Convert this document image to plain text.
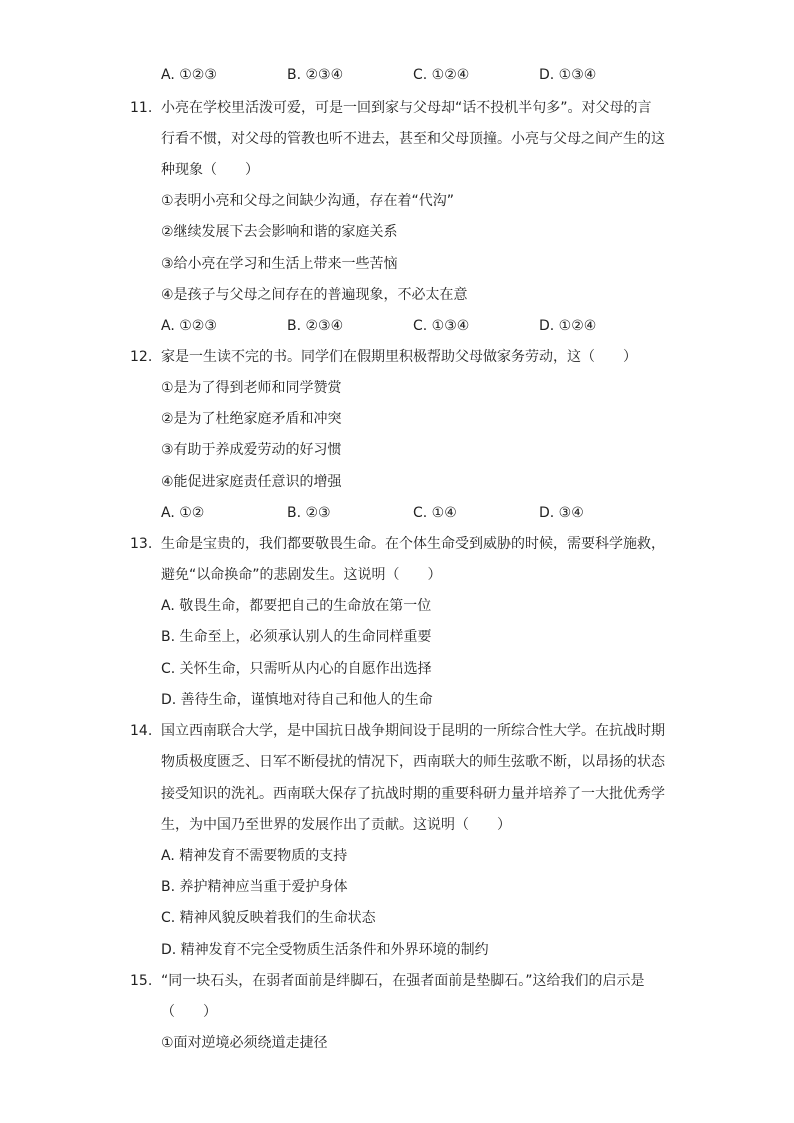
A. ①②③	B. ②③④	C. ①②④	D. ①③④
11. 小亮在学校里活泼可爱，可是一回到家与父母却“话不投机半句多”。对父母的言
行看不惯，对父母的管教也听不进去，甚至和父母顶撞。小亮与父母之间产生的这
种现象（　　）
①表明小亮和父母之间缺少沟通，存在着“代沟”
②继续发展下去会影响和谐的家庭关系
③给小亮在学习和生活上带来一些苦恼
④是孩子与父母之间存在的普遍现象，不必太在意
A. ①②③	B. ②③④	C. ①③④	D. ①②④
12. 家是一生读不完的书。同学们在假期里积极帮助父母做家务劳动，这（　　）
①是为了得到老师和同学赞赏
②是为了杜绝家庭矛盾和冲突
③有助于养成爱劳动的好习惯
④能促进家庭责任意识的增强
A. ①②	B. ②③	C. ①④	D. ③④
13. 生命是宝贵的，我们都要敬畏生命。在个体生命受到威胁的时候，需要科学施救，
避免“以命换命”的悲剧发生。这说明（　　）
A. 敬畏生命，都要把自己的生命放在第一位
B. 生命至上，必须承认别人的生命同样重要
C. 关怀生命，只需听从内心的自愿作出选择
D. 善待生命，谨慎地对待自己和他人的生命
14. 国立西南联合大学，是中国抗日战争期间设于昆明的一所综合性大学。在抗战时期
物质极度匮乏、日军不断侵扰的情况下，西南联大的师生弦歌不断，以昂扬的状态
接受知识的洗礼。西南联大保存了抗战时期的重要科研力量并培养了一大批优秀学
生，为中国乃至世界的发展作出了贡献。这说明（　　）
A. 精神发育不需要物质的支持
B. 养护精神应当重于爱护身体
C. 精神风貌反映着我们的生命状态
D. 精神发育不完全受物质生活条件和外界环境的制约
15. “同一块石头，在弱者面前是绊脚石，在强者面前是垫脚石。”这给我们的启示是
（　　）
①面对逆境必须绕道走捷径
